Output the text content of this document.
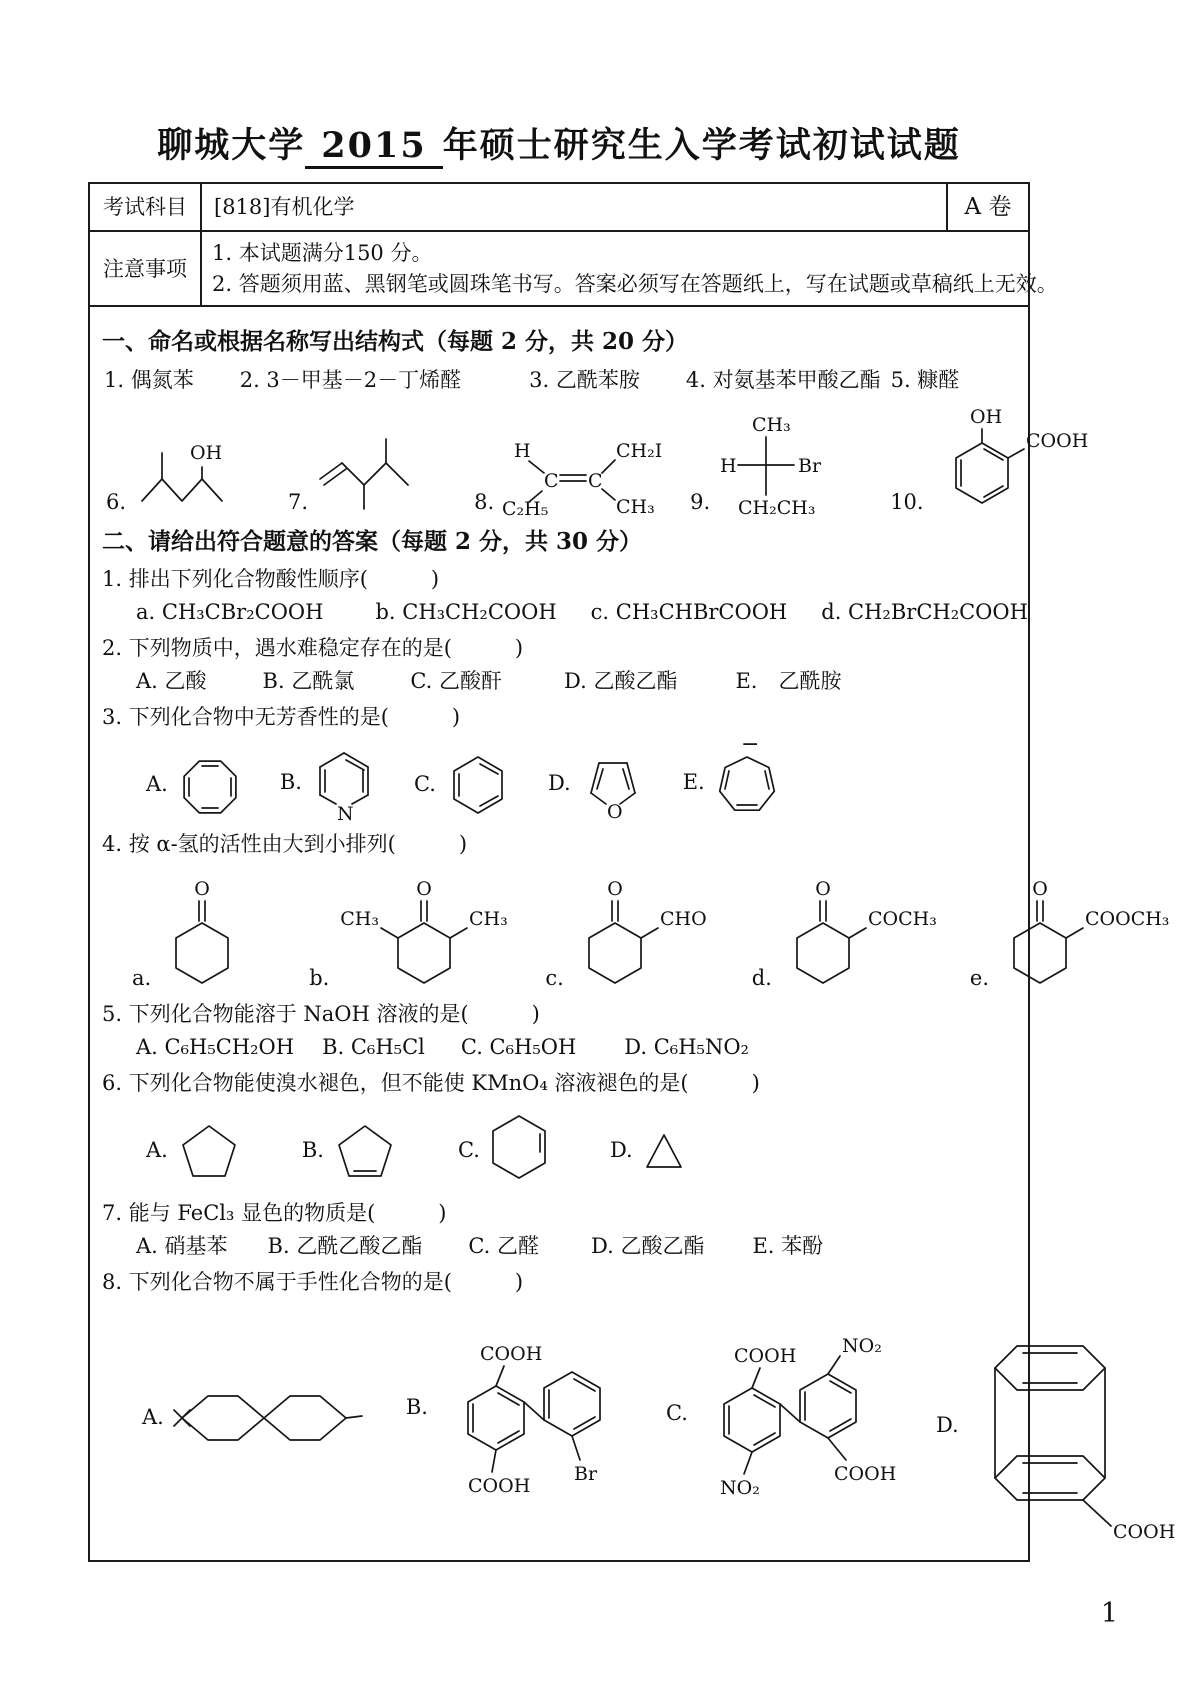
聊城大学 2015 年硕士研究生入学考试初试试题
考试科目	[818]有机化学	A 卷
注意事项
1. 本试题满分150 分。
2. 答题须用蓝、黑钢笔或圆珠笔书写。答案必须写在答题纸上，写在试题或草稿纸上无效。
一、命名或根据名称写出结构式（每题 2 分，共 20 分）
1. 偶氮苯 2. 3－甲基－2－丁烯醛	3. 乙酰苯胺 4. 对氨基苯甲酸乙酯 5. 糠醛
6.
OH
7.	8.
H
C C
C₂H₅
CH₂I
CH₃ 9.
CH₃
H	Br
CH₂CH₃	10.
OH
COOH
二、请给出符合题意的答案（每题 2 分，共 30 分）
1. 排出下列化合物酸性顺序(　　　)
a. CH₃CBr₂COOH b. CH₃CH₂COOH c. CH₃CHBrCOOH d. CH₂BrCH₂COOH
2. 下列物质中，遇水难稳定存在的是(　　　)
A. 乙酸	B. 乙酰氯	C. 乙酸酐	D. 乙酸乙酯	E.　乙酰胺
3. 下列化合物中无芳香性的是(　　　)
A.	B.
N
C.	D.
O
E.
−
4. 按 α-氢的活性由大到小排列(　　　)
a.
O
b.
O
CH₃	CH₃
c.
O
CHO
d.
O
COCH₃
e.
O
COOCH₃
5. 下列化合物能溶于 NaOH 溶液的是(　　　)
A. C₆H₅CH₂OH B. C₆H₅Cl C. C₆H₅OH D. C₆H₅NO₂
6. 下列化合物能使溴水褪色，但不能使 KMnO₄ 溶液褪色的是(　　　)
A.	B.	C.	D.
7. 能与 FeCl₃ 显色的物质是(　　　)
A. 硝基苯 B. 乙酰乙酸乙酯 C. 乙醛 D. 乙酸乙酯 E. 苯酚
8. 下列化合物不属于手性化合物的是(　　　)
A.	B.
COOH
COOH
Br
C.
COOH
NO₂
NO₂
COOH
D.
COOH
1
